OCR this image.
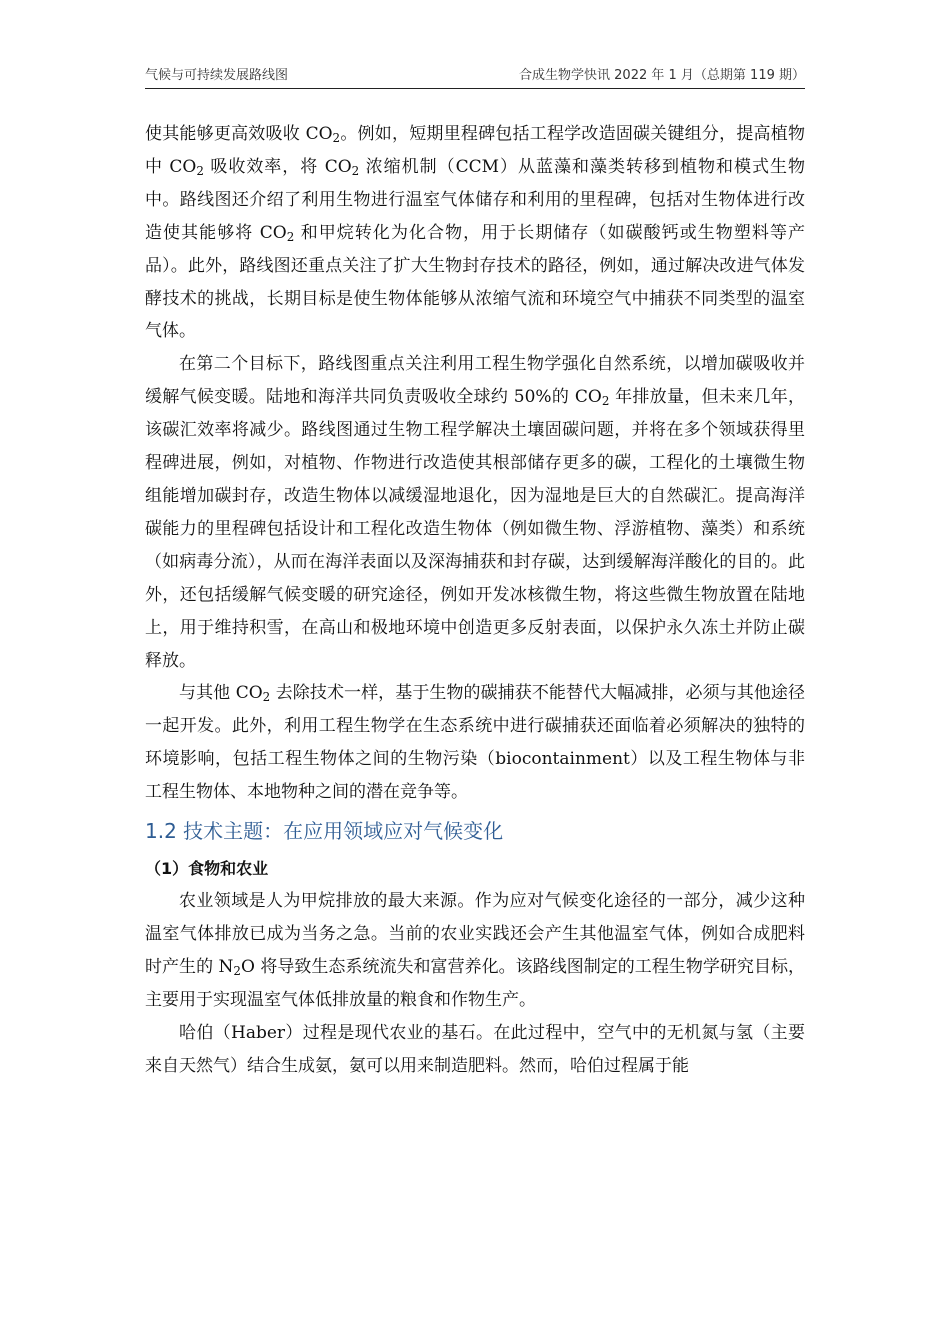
气候与可持续发展路线图	合成生物学快讯 2022 年 1 月（总期第 119 期）

使其能够更高效吸收 $CO_2$。例如，短期里程碑包括工程学改造固碳关键组分，提高植物中 $CO_2$ 吸收效率，将 $CO_2$ 浓缩机制（CCM）从蓝藻和藻类转移到植物和模式生物中。路线图还介绍了利用生物进行温室气体储存和利用的里程碑，包括对生物体进行改造使其能够将 $CO_2$ 和甲烷转化为化合物，用于长期储存（如碳酸钙或生物塑料等产品）。此外，路线图还重点关注了扩大生物封存技术的路径，例如，通过解决改进气体发酵技术的挑战，长期目标是使生物体能够从浓缩气流和环境空气中捕获不同类型的温室气体。

在第二个目标下，路线图重点关注利用工程生物学强化自然系统，以增加碳吸收并缓解气候变暖。陆地和海洋共同负责吸收全球约 50%的 $CO_2$ 年排放量，但未来几年，该碳汇效率将减少。路线图通过生物工程学解决土壤固碳问题，并将在多个领域获得里程碑进展，例如，对植物、作物进行改造使其根部储存更多的碳，工程化的土壤微生物组能增加碳封存，改造生物体以减缓湿地退化，因为湿地是巨大的自然碳汇。提高海洋碳能力的里程碑包括设计和工程化改造生物体（例如微生物、浮游植物、藻类）和系统（如病毒分流），从而在海洋表面以及深海捕获和封存碳，达到缓解海洋酸化的目的。此外，还包括缓解气候变暖的研究途径，例如开发冰核微生物，将这些微生物放置在陆地上，用于维持积雪，在高山和极地环境中创造更多反射表面，以保护永久冻土并防止碳释放。

与其他 $CO_2$ 去除技术一样，基于生物的碳捕获不能替代大幅减排，必须与其他途径一起开发。此外，利用工程生物学在生态系统中进行碳捕获还面临着必须解决的独特的环境影响，包括工程生物体之间的生物污染（biocontainment）以及工程生物体与非工程生物体、本地物种之间的潜在竞争等。

1.2 技术主题：在应用领域应对气候变化
（1）食物和农业

农业领域是人为甲烷排放的最大来源。作为应对气候变化途径的一部分，减少这种温室气体排放已成为当务之急。当前的农业实践还会产生其他温室气体，例如合成肥料时产生的 $N_2O$ 将导致生态系统流失和富营养化。该路线图制定的工程生物学研究目标，主要用于实现温室气体低排放量的粮食和作物生产。

哈伯（Haber）过程是现代农业的基石。在此过程中，空气中的无机氮与氢（主要来自天然气）结合生成氨，氨可以用来制造肥料。然而，哈伯过程属于能
